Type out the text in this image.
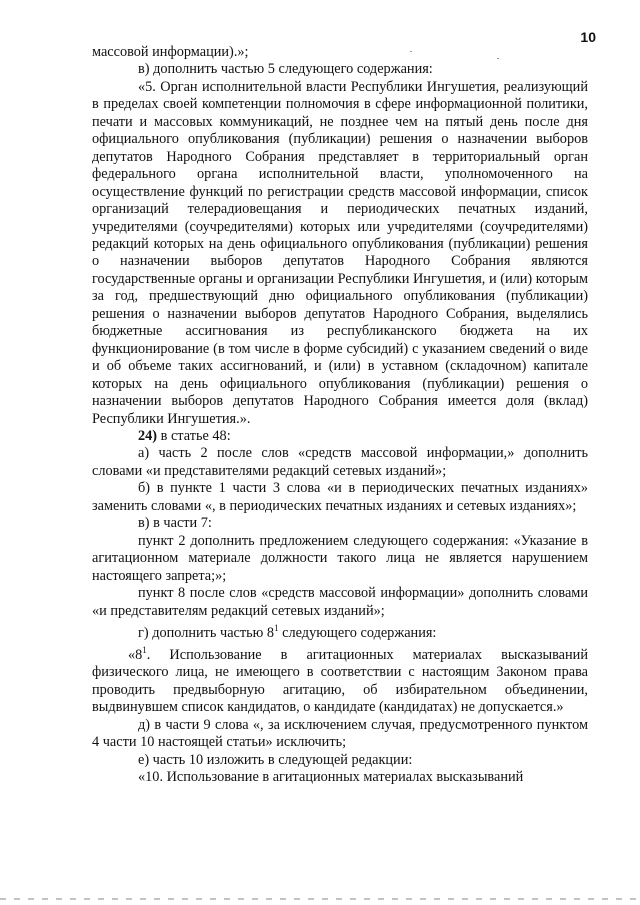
10

массовой информации).»;

в) дополнить частью 5 следующего содержания:

«5. Орган исполнительной власти Республики Ингушетия, реализующий в пределах своей компетенции полномочия в сфере информационной политики, печати и массовых коммуникаций, не позднее чем на пятый день после дня официального опубликования (публикации) решения о назначении выборов депутатов Народного Собрания представляет в территориальный орган федерального органа исполнительной власти, уполномоченного на осуществление функций по регистрации средств массовой информации, список организаций телерадиовещания и периодических печатных изданий, учредителями (соучредителями) которых или учредителями (соучредителями) редакций которых на день официального опубликования (публикации) решения о назначении выборов депутатов Народного Собрания являются государственные органы и организации Республики Ингушетия, и (или) которым за год, предшествующий дню официального опубликования (публикации) решения о назначении выборов депутатов Народного Собрания, выделялись бюджетные ассигнования из республиканского бюджета на их функционирование (в том числе в форме субсидий) с указанием сведений о виде и об объеме таких ассигнований, и (или) в уставном (складочном) капитале которых на день официального опубликования (публикации) решения о назначении выборов депутатов Народного Собрания имеется доля (вклад) Республики Ингушетия.».

24) в статье 48:

а) часть 2 после слов «средств массовой информации,» дополнить словами «и представителями редакций сетевых изданий»;

б) в пункте 1 части 3 слова «и в периодических печатных изданиях» заменить словами «, в периодических печатных изданиях и сетевых изданиях»;

в) в части 7:

пункт 2 дополнить предложением следующего содержания: «Указание в агитационном материале должности такого лица не является нарушением настоящего запрета;»;

пункт 8 после слов «средств массовой информации» дополнить словами «и представителям редакций сетевых изданий»;

г) дополнить частью $8^1$ следующего содержания:

«$8^1$. Использование в агитационных материалах высказываний физического лица, не имеющего в соответствии с настоящим Законом права проводить предвыборную агитацию, об избирательном объединении, выдвинувшем список кандидатов, о кандидате (кандидатах) не допускается.»

д) в части 9 слова «, за исключением случая, предусмотренного пунктом 4 части 10 настоящей статьи» исключить;

е) часть 10 изложить в следующей редакции:

«10. Использование в агитационных материалах высказываний
